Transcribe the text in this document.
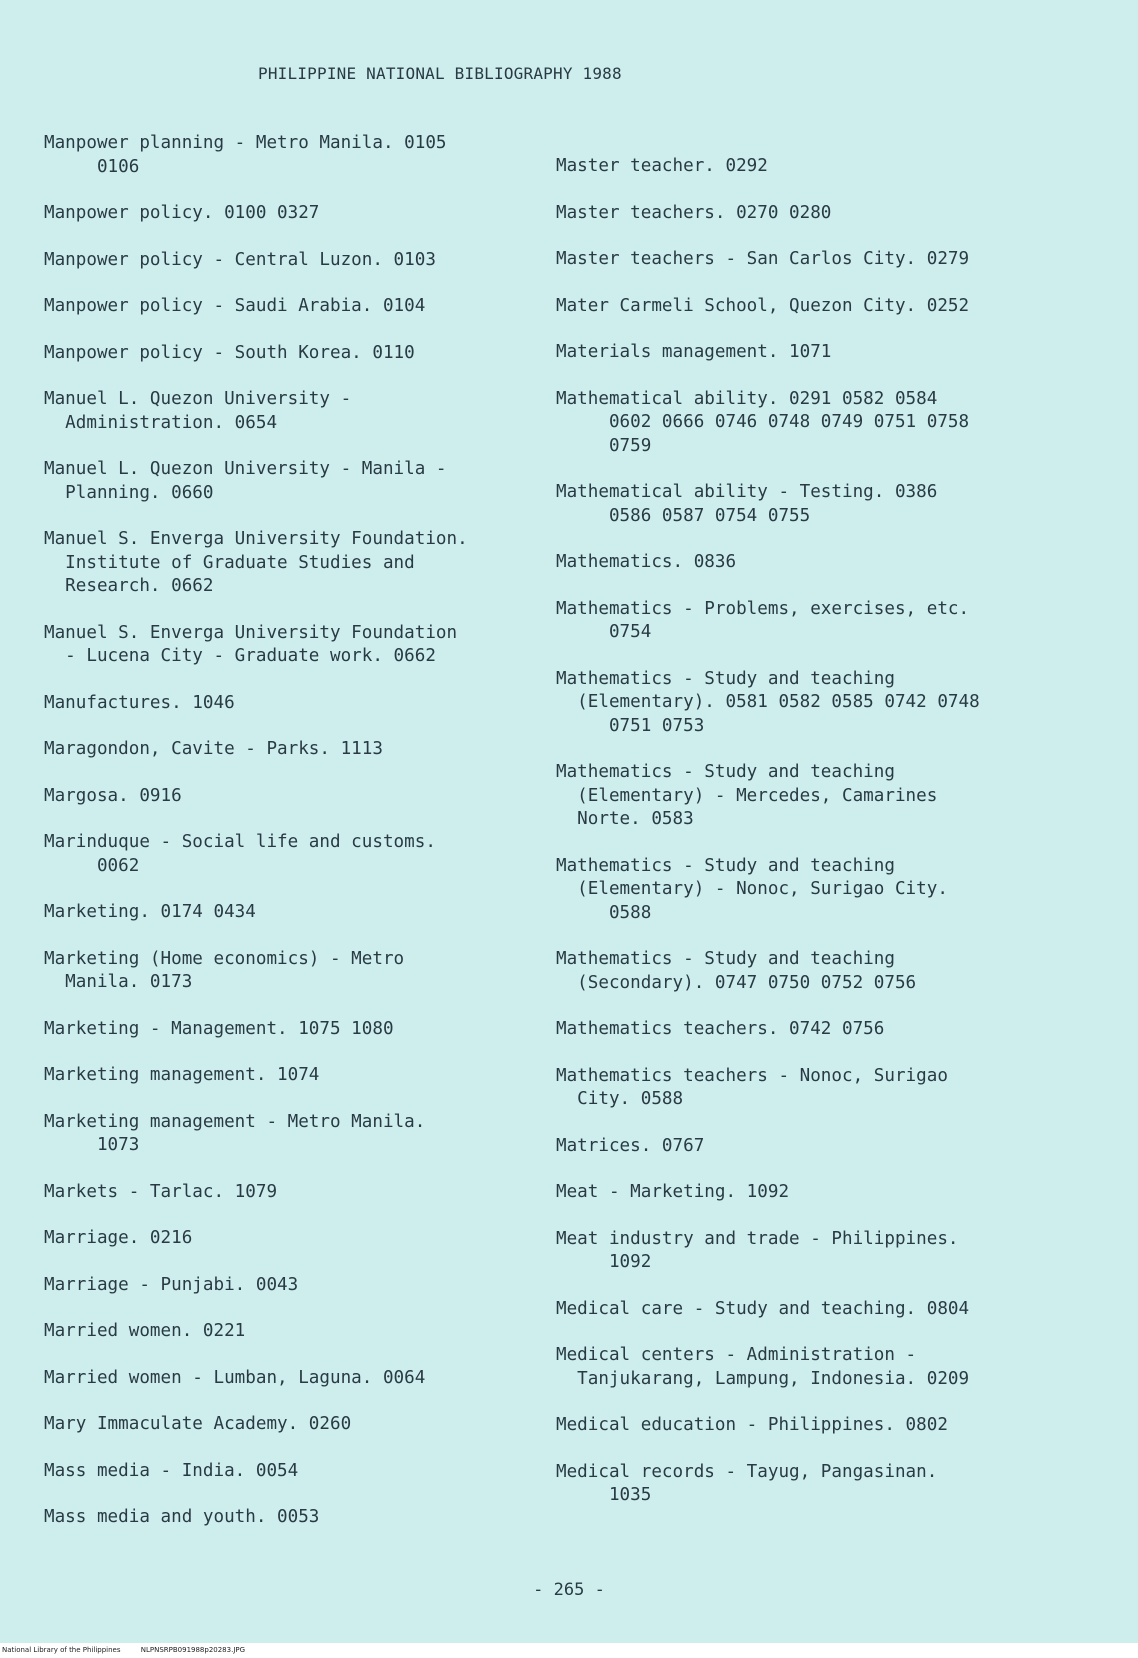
PHILIPPINE NATIONAL BIBLIOGRAPHY 1988
Manpower planning - Metro Manila. 0105
0106
Manpower policy. 0100 0327
Manpower policy - Central Luzon. 0103
Manpower policy - Saudi Arabia. 0104
Manpower policy - South Korea. 0110
Manuel L. Quezon University -
Administration. 0654
Manuel L. Quezon University - Manila -
Planning. 0660
Manuel S. Enverga University Foundation.
Institute of Graduate Studies and
Research. 0662
Manuel S. Enverga University Foundation
- Lucena City - Graduate work. 0662
Manufactures. 1046
Maragondon, Cavite - Parks. 1113
Margosa. 0916
Marinduque - Social life and customs.
0062
Marketing. 0174 0434
Marketing (Home economics) - Metro
Manila. 0173
Marketing - Management. 1075 1080
Marketing management. 1074
Marketing management - Metro Manila.
1073
Markets - Tarlac. 1079
Marriage. 0216
Marriage - Punjabi. 0043
Married women. 0221
Married women - Lumban, Laguna. 0064
Mary Immaculate Academy. 0260
Mass media - India. 0054
Mass media and youth. 0053
Master teacher. 0292
Master teachers. 0270 0280
Master teachers - San Carlos City. 0279
Mater Carmeli School, Quezon City. 0252
Materials management. 1071
Mathematical ability. 0291 0582 0584
0602 0666 0746 0748 0749 0751 0758
0759
Mathematical ability - Testing. 0386
0586 0587 0754 0755
Mathematics. 0836
Mathematics - Problems, exercises, etc.
0754
Mathematics - Study and teaching
(Elementary). 0581 0582 0585 0742 0748
0751 0753
Mathematics - Study and teaching
(Elementary) - Mercedes, Camarines
Norte. 0583
Mathematics - Study and teaching
(Elementary) - Nonoc, Surigao City.
0588
Mathematics - Study and teaching
(Secondary). 0747 0750 0752 0756
Mathematics teachers. 0742 0756
Mathematics teachers - Nonoc, Surigao
City. 0588
Matrices. 0767
Meat - Marketing. 1092
Meat industry and trade - Philippines.
1092
Medical care - Study and teaching. 0804
Medical centers - Administration -
Tanjukarang, Lampung, Indonesia. 0209
Medical education - Philippines. 0802
Medical records - Tayug, Pangasinan.
1035
- 265 -
National Library of the Philippines	NLPNSRPB091988p20283.JPG
